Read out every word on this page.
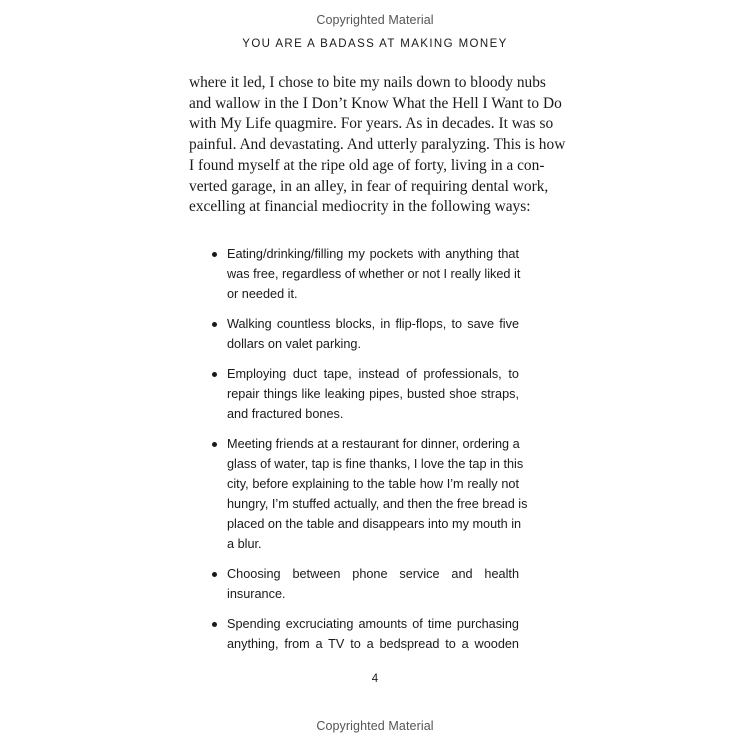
Copyrighted Material
YOU ARE A BADASS AT MAKING MONEY

where it led, I chose to bite my nails down to bloody nubs
and wallow in the I Don’t Know What the Hell I Want to Do
with My Life quagmire. For years. As in decades. It was so
painful. And devastating. And utterly paralyzing. This is how
I found myself at the ripe old age of forty, living in a con-
verted garage, in an alley, in fear of requiring dental work,
excelling at financial mediocrity in the following ways:

Eating/drinking/filling my pockets with anything that
was free, regardless of whether or not I really liked it
or needed it.
Walking countless blocks, in flip-flops, to save five
dollars on valet parking.
Employing duct tape, instead of professionals, to
repair things like leaking pipes, busted shoe straps,
and fractured bones.
Meeting friends at a restaurant for dinner, ordering a
glass of water, tap is fine thanks, I love the tap in this
city, before explaining to the table how I’m really not
hungry, I’m stuffed actually, and then the free bread is
placed on the table and disappears into my mouth in
a blur.
Choosing between phone service and health
insurance.
Spending excruciating amounts of time purchasing
anything, from a TV to a bedspread to a wooden
4
Copyrighted Material
